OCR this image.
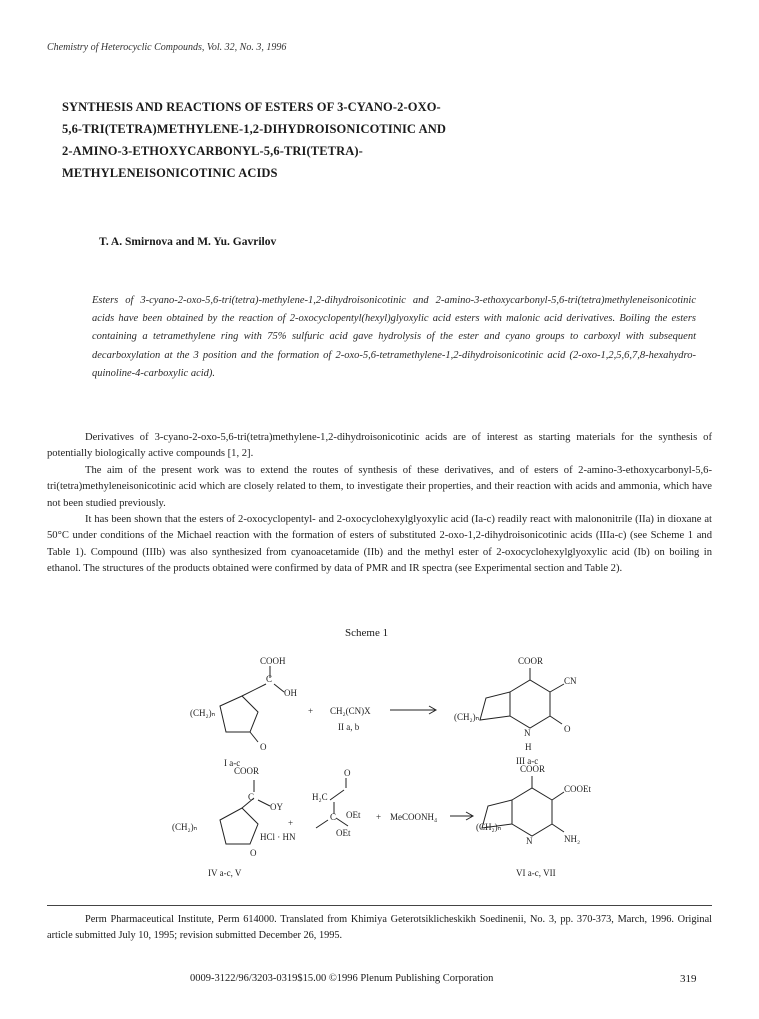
Chemistry of Heterocyclic Compounds, Vol. 32, No. 3, 1996
SYNTHESIS AND REACTIONS OF ESTERS OF 3-CYANO-2-OXO-
5,6-TRI(TETRA)METHYLENE-1,2-DIHYDROISONICOTINIC AND
2-AMINO-3-ETHOXYCARBONYL-5,6-TRI(TETRA)-
METHYLENEISONICOTINIC ACIDS
T. A. Smirnova and M. Yu. Gavrilov
Esters of 3-cyano-2-oxo-5,6-tri(tetra)-methylene-1,2-dihydroisonicotinic and 2-amino-3-ethoxycarbonyl-5,6-tri(tetra)methyleneisonicotinic acids have been obtained by the reaction of 2-oxocyclopentyl(hexyl)glyoxylic acid esters with malonic acid derivatives. Boiling the esters containing a tetramethylene ring with 75% sulfuric acid gave hydrolysis of the ester and cyano groups to carboxyl with subsequent decarboxylation at the 3 position and the formation of 2-oxo-5,6-tetramethylene-1,2-dihydroisonicotinic acid (2-oxo-1,2,5,6,7,8-hexahydro-quinoline-4-carboxylic acid).

Derivatives of 3-cyano-2-oxo-5,6-tri(tetra)methylene-1,2-dihydroisonicotinic acids are of interest as starting materials for the synthesis of potentially biologically active compounds [1, 2].

The aim of the present work was to extend the routes of synthesis of these derivatives, and of esters of 2-amino-3-ethoxycarbonyl-5,6-tri(tetra)methyleneisonicotinic acid which are closely related to them, to investigate their properties, and their reaction with acids and ammonia, which have not been studied previously.

It has been shown that the esters of 2-oxocyclopentyl- and 2-oxocyclohexylglyoxylic acid (Ia-c) readily react with malononitrile (IIa) in dioxane at 50°C under conditions of the Michael reaction with the formation of esters of substituted 2-oxo-1,2-dihydroisonicotinic acids (IIIa-c) (see Scheme 1 and Table 1). Compound (IIIb) was also synthesized from cyanoacetamide (IIb) and the methyl ester of 2-oxocyclohexylglyoxylic acid (Ib) on boiling in ethanol. The structures of the products obtained were confirmed by data of PMR and IR spectra (see Experimental section and Table 2).

Scheme 1
COOH
C
OH
(CH₂)ₙ
O
I a-c
+ CH₂(CN)X
II a, b
COOR
CN
(CH₂)ₙ
N	O
H
III a-c
COOR
C
OY
(CH₂)ₙ
O
+
IV a-c, V
O
H₂C
OEt
C
HCl · HN	OEt
+ MeCOONH₄
COOR
COOEt
(CH₂)ₙ
N	NH₂
VI a-c, VII
Perm Pharmaceutical Institute, Perm 614000. Translated from Khimiya Geterotsiklicheskikh Soedinenii, No. 3, pp. 370-373, March, 1996. Original article submitted July 10, 1995; revision submitted December 26, 1995.
0009-3122/96/3203-0319$15.00 ©1996 Plenum Publishing Corporation	319
